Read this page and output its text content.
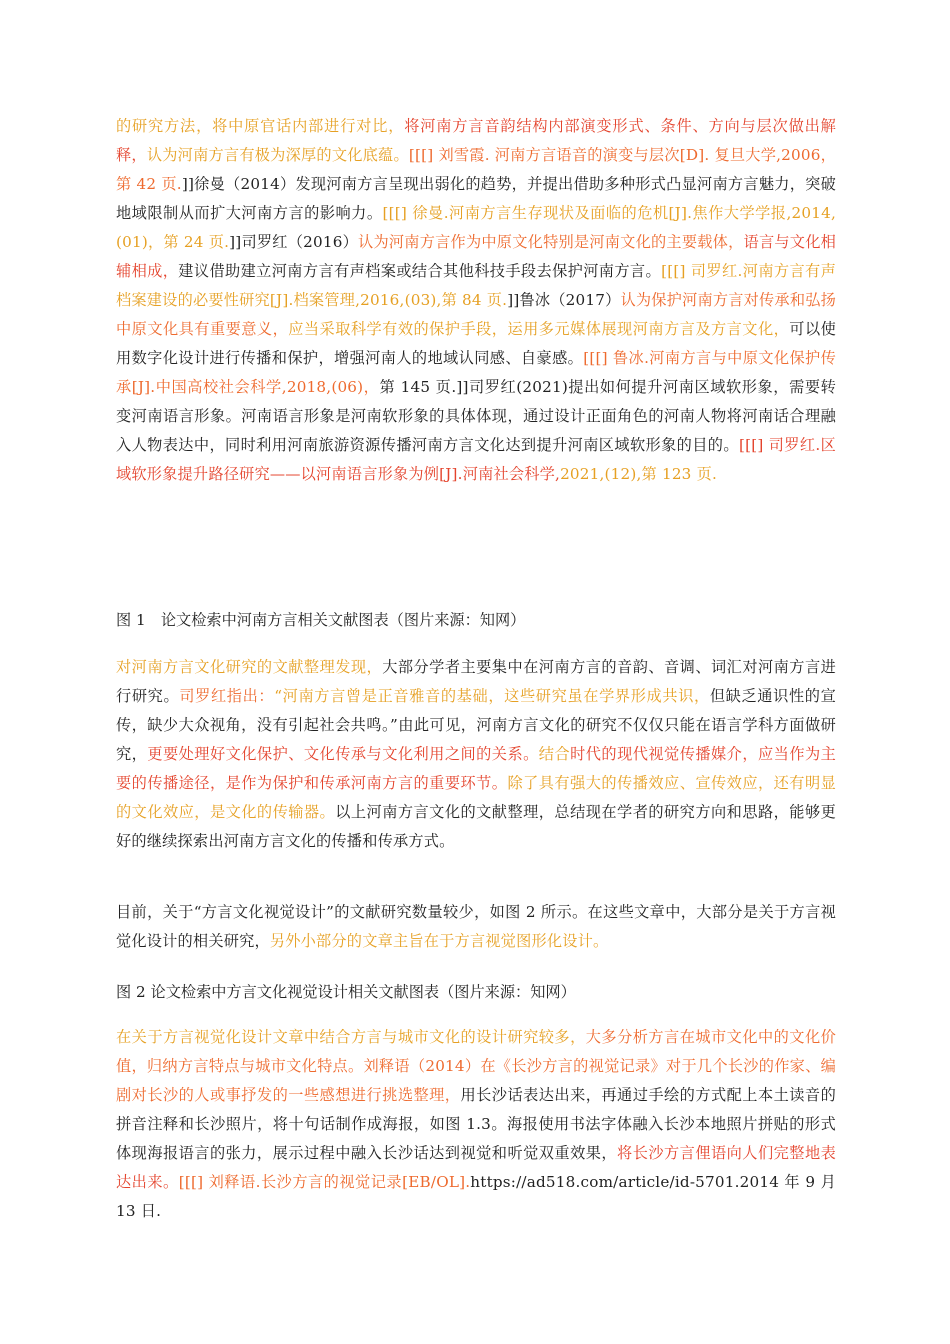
的研究方法，将中原官话内部进行对比，将河南方言音韵结构内部演变形式、条件、方向与层次做出解释，认为河南方言有极为深厚的文化底蕴。[[[] 刘雪霞. 河南方言语音的演变与层次[D]. 复旦大学,2006，第 42 页.]]徐曼（2014）发现河南方言呈现出弱化的趋势，并提出借助多种形式凸显河南方言魅力，突破地域限制从而扩大河南方言的影响力。[[[] 徐曼.河南方言生存现状及面临的危机[J].焦作大学学报,2014,(01)，第 24 页.]]司罗红（2016）认为河南方言作为中原文化特别是河南文化的主要载体，语言与文化相辅相成，建议借助建立河南方言有声档案或结合其他科技手段去保护河南方言。[[[] 司罗红.河南方言有声档案建设的必要性研究[J].档案管理,2016,(03),第 84 页.]]鲁冰（2017）认为保护河南方言对传承和弘扬中原文化具有重要意义，应当采取科学有效的保护手段，运用多元媒体展现河南方言及方言文化，可以使用数字化设计进行传播和保护，增强河南人的地域认同感、自豪感。[[[] 鲁冰.河南方言与中原文化保护传承[J].中国高校社会科学,2018,(06)，第 145 页.]]司罗红(2021)提出如何提升河南区域软形象，需要转变河南语言形象。河南语言形象是河南软形象的具体体现，通过设计正面角色的河南人物将河南话合理融入人物表达中，同时利用河南旅游资源传播河南方言文化达到提升河南区域软形象的目的。[[[] 司罗红.区域软形象提升路径研究——以河南语言形象为例[J].河南社会科学,2021,(12),第 123 页.

图 1　论文检索中河南方言相关文献图表（图片来源：知网）

对河南方言文化研究的文献整理发现，大部分学者主要集中在河南方言的音韵、音调、词汇对河南方言进行研究。司罗红指出：“河南方言曾是正音雅音的基础，这些研究虽在学界形成共识，但缺乏通识性的宣传，缺少大众视角，没有引起社会共鸣。”由此可见，河南方言文化的研究不仅仅只能在语言学科方面做研究，更要处理好文化保护、文化传承与文化利用之间的关系。结合时代的现代视觉传播媒介，应当作为主要的传播途径，是作为保护和传承河南方言的重要环节。除了具有强大的传播效应、宣传效应，还有明显的文化效应，是文化的传输器。以上河南方言文化的文献整理，总结现在学者的研究方向和思路，能够更好的继续探索出河南方言文化的传播和传承方式。

目前，关于“方言文化视觉设计”的文献研究数量较少，如图 2 所示。在这些文章中，大部分是关于方言视觉化设计的相关研究，另外小部分的文章主旨在于方言视觉图形化设计。

图 2 论文检索中方言文化视觉设计相关文献图表（图片来源：知网）

在关于方言视觉化设计文章中结合方言与城市文化的设计研究较多，大多分析方言在城市文化中的文化价值，归纳方言特点与城市文化特点。刘释语（2014）在《长沙方言的视觉记录》对于几个长沙的作家、编剧对长沙的人或事抒发的一些感想进行挑选整理，用长沙话表达出来，再通过手绘的方式配上本土读音的拼音注释和长沙照片，将十句话制作成海报，如图 1.3。海报使用书法字体融入长沙本地照片拼贴的形式体现海报语言的张力，展示过程中融入长沙话达到视觉和听觉双重效果，将长沙方言俚语向人们完整地表达出来。[[[] 刘释语.长沙方言的视觉记录[EB/OL].https://ad518.com/article/id-5701.2014 年 9 月 13 日.
